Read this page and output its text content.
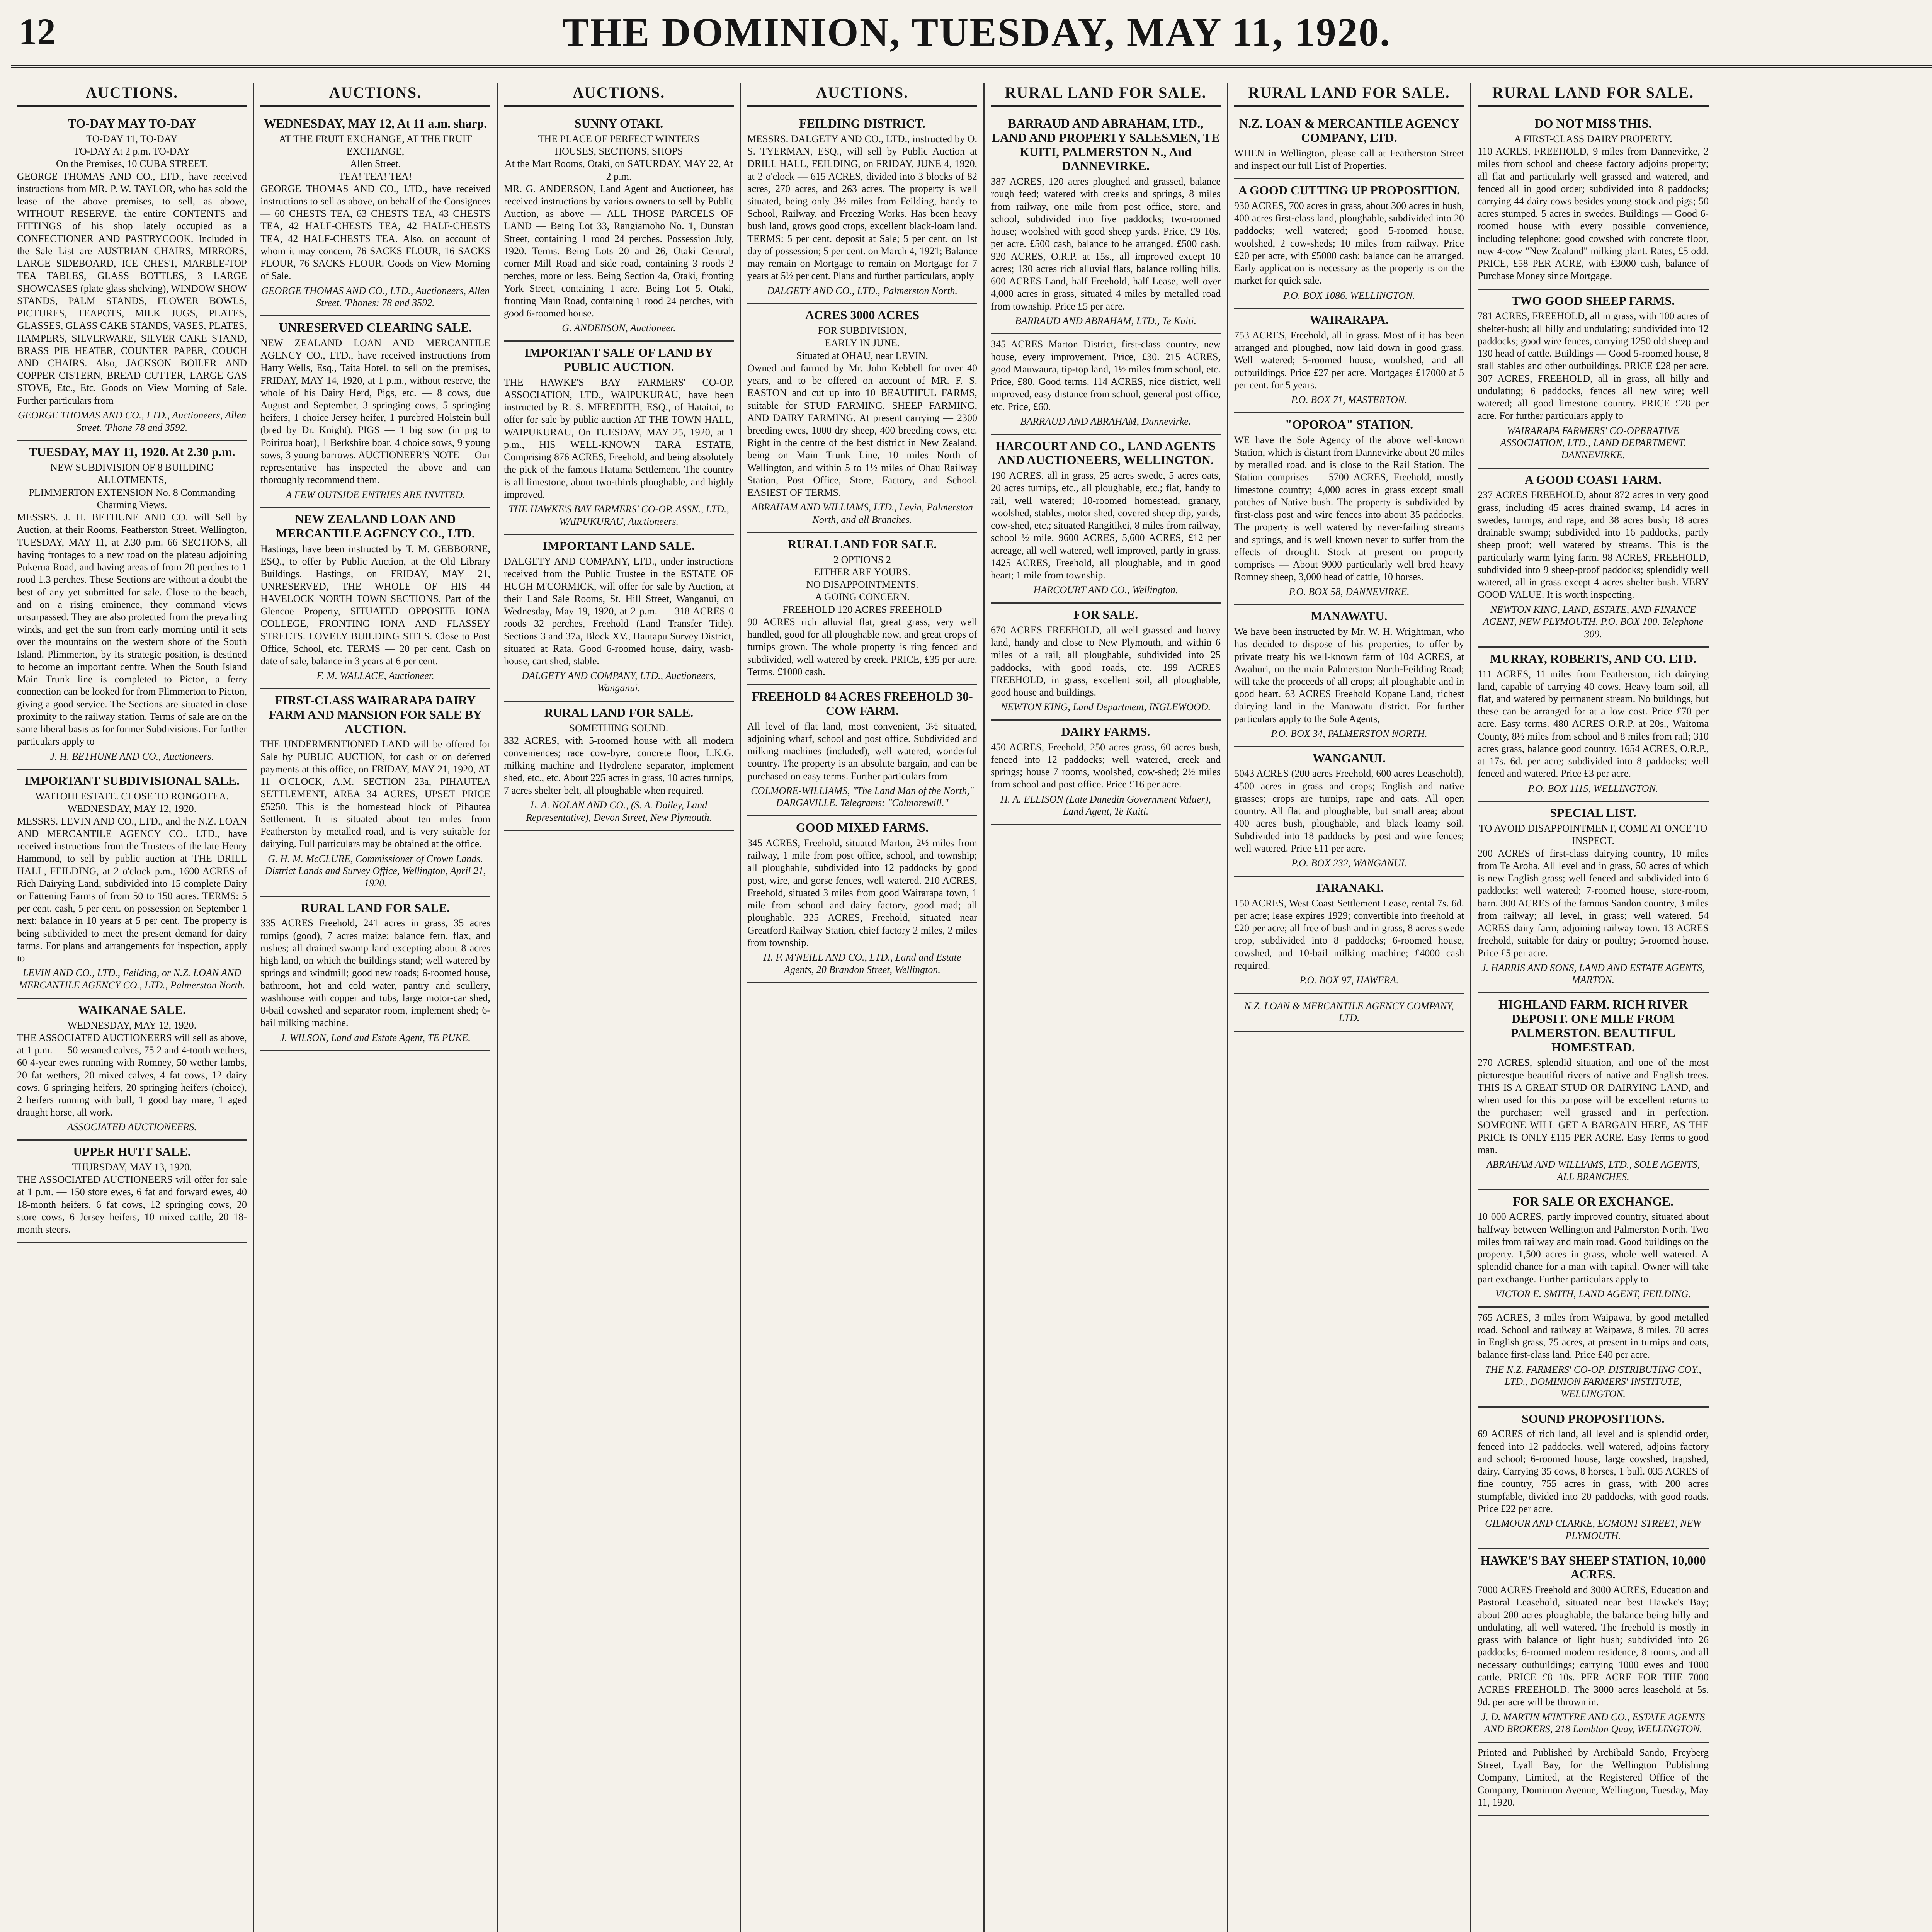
12	THE DOMINION, TUESDAY, MAY 11, 1920.
AUCTIONS.
TO-DAY MAY TO-DAY
TO-DAY 11, TO-DAY
TO-DAY At 2 p.m. TO-DAY
On the Premises, 10 CUBA STREET.
GEORGE THOMAS AND CO., LTD., have received instructions from MR. P. W. TAYLOR, who has sold the lease of the above premises, to sell, as above, WITHOUT RESERVE, the entire CONTENTS and FITTINGS of his shop lately occupied as a CONFECTIONER AND PASTRYCOOK. Included in the Sale List are AUSTRIAN CHAIRS, MIRRORS, LARGE SIDEBOARD, ICE CHEST, MARBLE-TOP TEA TABLES, GLASS BOTTLES, 3 LARGE SHOWCASES (plate glass shelving), WINDOW SHOW STANDS, PALM STANDS, FLOWER BOWLS, PICTURES, TEAPOTS, MILK JUGS, PLATES, GLASSES, GLASS CAKE STANDS, VASES, PLATES, HAMPERS, SILVERWARE, SILVER CAKE STAND, BRASS PIE HEATER, COUNTER PAPER, COUCH AND CHAIRS. Also, JACKSON BOILER AND COPPER CISTERN, BREAD CUTTER, LARGE GAS STOVE, Etc., Etc. Goods on View Morning of Sale. Further particulars from
GEORGE THOMAS AND CO., LTD., Auctioneers, Allen Street. 'Phone 78 and 3592.
TUESDAY, MAY 11, 1920. At 2.30 p.m.
NEW SUBDIVISION OF 8 BUILDING ALLOTMENTS,
PLIMMERTON EXTENSION No. 8 Commanding Charming Views.
MESSRS. J. H. BETHUNE AND CO. will Sell by Auction, at their Rooms, Featherston Street, Wellington, TUESDAY, MAY 11, at 2.30 p.m. 66 SECTIONS, all having frontages to a new road on the plateau adjoining Pukerua Road, and having areas of from 20 perches to 1 rood 1.3 perches. These Sections are without a doubt the best of any yet submitted for sale. Close to the beach, and on a rising eminence, they command views unsurpassed. They are also protected from the prevailing winds, and get the sun from early morning until it sets over the mountains on the western shore of the South Island. Plimmerton, by its strategic position, is destined to become an important centre. When the South Island Main Trunk line is completed to Picton, a ferry connection can be looked for from Plimmerton to Picton, giving a good service. The Sections are situated in close proximity to the railway station. Terms of sale are on the same liberal basis as for former Subdivisions. For further particulars apply to
J. H. BETHUNE AND CO., Auctioneers.
IMPORTANT SUBDIVISIONAL SALE.
WAITOHI ESTATE. CLOSE TO RONGOTEA.
WEDNESDAY, MAY 12, 1920.
MESSRS. LEVIN AND CO., LTD., and the N.Z. LOAN AND MERCANTILE AGENCY CO., LTD., have received instructions from the Trustees of the late Henry Hammond, to sell by public auction at THE DRILL HALL, FEILDING, at 2 o'clock p.m., 1600 ACRES of Rich Dairying Land, subdivided into 15 complete Dairy or Fattening Farms of from 50 to 150 acres. TERMS: 5 per cent. cash, 5 per cent. on possession on September 1 next; balance in 10 years at 5 per cent. The property is being subdivided to meet the present demand for dairy farms. For plans and arrangements for inspection, apply to
LEVIN AND CO., LTD., Feilding, or N.Z. LOAN AND MERCANTILE AGENCY CO., LTD., Palmerston North.
WAIKANAE SALE.
WEDNESDAY, MAY 12, 1920.
THE ASSOCIATED AUCTIONEERS will sell as above, at 1 p.m. — 50 weaned calves, 75 2 and 4-tooth wethers, 60 4-year ewes running with Romney, 50 wether lambs, 20 fat wethers, 20 mixed calves, 4 fat cows, 12 dairy cows, 6 springing heifers, 20 springing heifers (choice), 2 heifers running with bull, 1 good bay mare, 1 aged draught horse, all work.
ASSOCIATED AUCTIONEERS.
UPPER HUTT SALE.
THURSDAY, MAY 13, 1920.
THE ASSOCIATED AUCTIONEERS will offer for sale at 1 p.m. — 150 store ewes, 6 fat and forward ewes, 40 18-month heifers, 6 fat cows, 12 springing cows, 20 store cows, 6 Jersey heifers, 10 mixed cattle, 20 18-month steers.
AUCTIONS.
WEDNESDAY, MAY 12, At 11 a.m. sharp.
AT THE FRUIT EXCHANGE, AT THE FRUIT EXCHANGE,
Allen Street.
TEA! TEA! TEA!
GEORGE THOMAS AND CO., LTD., have received instructions to sell as above, on behalf of the Consignees — 60 CHESTS TEA, 63 CHESTS TEA, 43 CHESTS TEA, 42 HALF-CHESTS TEA, 42 HALF-CHESTS TEA, 42 HALF-CHESTS TEA. Also, on account of whom it may concern, 76 SACKS FLOUR, 16 SACKS FLOUR, 76 SACKS FLOUR. Goods on View Morning of Sale.
GEORGE THOMAS AND CO., LTD., Auctioneers, Allen Street. 'Phones: 78 and 3592.
UNRESERVED CLEARING SALE.
NEW ZEALAND LOAN AND MERCANTILE AGENCY CO., LTD., have received instructions from Harry Wells, Esq., Taita Hotel, to sell on the premises, FRIDAY, MAY 14, 1920, at 1 p.m., without reserve, the whole of his Dairy Herd, Pigs, etc. — 8 cows, due August and September, 3 springing cows, 5 springing heifers, 1 choice Jersey heifer, 1 purebred Holstein bull (bred by Dr. Knight). PIGS — 1 big sow (in pig to Poirirua boar), 1 Berkshire boar, 4 choice sows, 9 young sows, 3 young barrows. AUCTIONEER'S NOTE — Our representative has inspected the above and can thoroughly recommend them.
A FEW OUTSIDE ENTRIES ARE INVITED.
NEW ZEALAND LOAN AND MERCANTILE AGENCY CO., LTD.
Hastings, have been instructed by T. M. GEBBORNE, ESQ., to offer by Public Auction, at the Old Library Buildings, Hastings, on FRIDAY, MAY 21, UNRESERVED, THE WHOLE OF HIS 44 HAVELOCK NORTH TOWN SECTIONS. Part of the Glencoe Property, SITUATED OPPOSITE IONA COLLEGE, FRONTING IONA AND FLASSEY STREETS. LOVELY BUILDING SITES. Close to Post Office, School, etc. TERMS — 20 per cent. Cash on date of sale, balance in 3 years at 6 per cent.
F. M. WALLACE, Auctioneer.
FIRST-CLASS WAIRARAPA DAIRY FARM AND MANSION FOR SALE BY AUCTION.
THE UNDERMENTIONED LAND will be offered for Sale by PUBLIC AUCTION, for cash or on deferred payments at this office, on FRIDAY, MAY 21, 1920, AT 11 O'CLOCK, A.M. SECTION 23a, PIHAUTEA SETTLEMENT, AREA 34 ACRES, UPSET PRICE £5250. This is the homestead block of Pihautea Settlement. It is situated about ten miles from Featherston by metalled road, and is very suitable for dairying. Full particulars may be obtained at the office.
G. H. M. McCLURE, Commissioner of Crown Lands. District Lands and Survey Office, Wellington, April 21, 1920.
RURAL LAND FOR SALE.
335 ACRES Freehold, 241 acres in grass, 35 acres turnips (good), 7 acres maize; balance fern, flax, and rushes; all drained swamp land excepting about 8 acres high land, on which the buildings stand; well watered by springs and windmill; good new roads; 6-roomed house, bathroom, hot and cold water, pantry and scullery, washhouse with copper and tubs, large motor-car shed, 8-bail cowshed and separator room, implement shed; 6-bail milking machine.
J. WILSON, Land and Estate Agent, TE PUKE.
AUCTIONS.
SUNNY OTAKI.
THE PLACE OF PERFECT WINTERS
HOUSES, SECTIONS, SHOPS
At the Mart Rooms, Otaki, on SATURDAY, MAY 22, At 2 p.m.
MR. G. ANDERSON, Land Agent and Auctioneer, has received instructions by various owners to sell by Public Auction, as above — ALL THOSE PARCELS OF LAND — Being Lot 33, Rangiamoho No. 1, Dunstan Street, containing 1 rood 24 perches. Possession July, 1920. Terms. Being Lots 20 and 26, Otaki Central, corner Mill Road and side road, containing 3 roods 2 perches, more or less. Being Section 4a, Otaki, fronting York Street, containing 1 acre. Being Lot 5, Otaki, fronting Main Road, containing 1 rood 24 perches, with good 6-roomed house.
G. ANDERSON, Auctioneer.
IMPORTANT SALE OF LAND BY PUBLIC AUCTION.
THE HAWKE'S BAY FARMERS' CO-OP. ASSOCIATION, LTD., WAIPUKURAU, have been instructed by R. S. MEREDITH, ESQ., of Hataitai, to offer for sale by public auction AT THE TOWN HALL, WAIPUKURAU, On TUESDAY, MAY 25, 1920, at 1 p.m., HIS WELL-KNOWN TARA ESTATE, Comprising 876 ACRES, Freehold, and being absolutely the pick of the famous Hatuma Settlement. The country is all limestone, about two-thirds ploughable, and highly improved.
THE HAWKE'S BAY FARMERS' CO-OP. ASSN., LTD., WAIPUKURAU, Auctioneers.
IMPORTANT LAND SALE.
DALGETY AND COMPANY, LTD., under instructions received from the Public Trustee in the ESTATE OF HUGH M'CORMICK, will offer for sale by Auction, at their Land Sale Rooms, St. Hill Street, Wanganui, on Wednesday, May 19, 1920, at 2 p.m. — 318 ACRES 0 roods 32 perches, Freehold (Land Transfer Title). Sections 3 and 37a, Block XV., Hautapu Survey District, situated at Rata. Good 6-roomed house, dairy, wash-house, cart shed, stable.
DALGETY AND COMPANY, LTD., Auctioneers, Wanganui.
RURAL LAND FOR SALE.
SOMETHING SOUND.
332 ACRES, with 5-roomed house with all modern conveniences; race cow-byre, concrete floor, L.K.G. milking machine and Hydrolene separator, implement shed, etc., etc. About 225 acres in grass, 10 acres turnips, 7 acres shelter belt, all ploughable when required.
L. A. NOLAN AND CO., (S. A. Dailey, Land Representative), Devon Street, New Plymouth.
AUCTIONS.
FEILDING DISTRICT.
MESSRS. DALGETY AND CO., LTD., instructed by O. S. TYERMAN, ESQ., will sell by Public Auction at DRILL HALL, FEILDING, on FRIDAY, JUNE 4, 1920, at 2 o'clock — 615 ACRES, divided into 3 blocks of 82 acres, 270 acres, and 263 acres. The property is well situated, being only 3½ miles from Feilding, handy to School, Railway, and Freezing Works. Has been heavy bush land, grows good crops, excellent black-loam land. TERMS: 5 per cent. deposit at Sale; 5 per cent. on 1st day of possession; 5 per cent. on March 4, 1921; Balance may remain on Mortgage to remain on Mortgage for 7 years at 5½ per cent. Plans and further particulars, apply
DALGETY AND CO., LTD., Palmerston North.
ACRES 3000 ACRES
FOR SUBDIVISION,
EARLY IN JUNE.
Situated at OHAU, near LEVIN.
Owned and farmed by Mr. John Kebbell for over 40 years, and to be offered on account of MR. F. S. EASTON and cut up into 10 BEAUTIFUL FARMS, suitable for STUD FARMING, SHEEP FARMING, AND DAIRY FARMING. At present carrying — 2300 breeding ewes, 1000 dry sheep, 400 breeding cows, etc. Right in the centre of the best district in New Zealand, being on Main Trunk Line, 10 miles North of Wellington, and within 5 to 1½ miles of Ohau Railway Station, Post Office, Store, Factory, and School. EASIEST OF TERMS.
ABRAHAM AND WILLIAMS, LTD., Levin, Palmerston North, and all Branches.
RURAL LAND FOR SALE.
2 OPTIONS 2
EITHER ARE YOURS.
NO DISAPPOINTMENTS.
A GOING CONCERN.
FREEHOLD 120 ACRES FREEHOLD
90 ACRES rich alluvial flat, great grass, very well handled, good for all ploughable now, and great crops of turnips grown. The whole property is ring fenced and subdivided, well watered by creek. PRICE, £35 per acre. Terms. £1000 cash.
FREEHOLD 84 ACRES FREEHOLD 30-COW FARM.
All level of flat land, most convenient, 3½ situated, adjoining wharf, school and post office. Subdivided and milking machines (included), well watered, wonderful country. The property is an absolute bargain, and can be purchased on easy terms. Further particulars from
COLMORE-WILLIAMS, "The Land Man of the North," DARGAVILLE. Telegrams: "Colmorewill."
GOOD MIXED FARMS.
345 ACRES, Freehold, situated Marton, 2½ miles from railway, 1 mile from post office, school, and township; all ploughable, subdivided into 12 paddocks by good post, wire, and gorse fences, well watered. 210 ACRES, Freehold, situated 3 miles from good Wairarapa town, 1 mile from school and dairy factory, good road; all ploughable. 325 ACRES, Freehold, situated near Greatford Railway Station, chief factory 2 miles, 2 miles from township.
H. F. M'NEILL AND CO., LTD., Land and Estate Agents, 20 Brandon Street, Wellington.
RURAL LAND FOR SALE.
BARRAUD AND ABRAHAM, LTD., LAND AND PROPERTY SALESMEN, TE KUITI, PALMERSTON N., And DANNEVIRKE.
387 ACRES, 120 acres ploughed and grassed, balance rough feed; watered with creeks and springs, 8 miles from railway, one mile from post office, store, and school, subdivided into five paddocks; two-roomed house; woolshed with good sheep yards. Price, £9 10s. per acre. £500 cash, balance to be arranged. £500 cash. 920 ACRES, O.R.P. at 15s., all improved except 10 acres; 130 acres rich alluvial flats, balance rolling hills. 600 ACRES Land, half Freehold, half Lease, well over 4,000 acres in grass, situated 4 miles by metalled road from township. Price £5 per acre.
BARRAUD AND ABRAHAM, LTD., Te Kuiti.
345 ACRES Marton District, first-class country, new house, every improvement. Price, £30. 215 ACRES, good Mauwaura, tip-top land, 1½ miles from school, etc. Price, £80. Good terms. 114 ACRES, nice district, well improved, easy distance from school, general post office, etc. Price, £60.
BARRAUD AND ABRAHAM, Dannevirke.
HARCOURT AND CO., LAND AGENTS AND AUCTIONEERS, WELLINGTON.
190 ACRES, all in grass, 25 acres swede, 5 acres oats, 20 acres turnips, etc., all ploughable, etc.; flat, handy to rail, well watered; 10-roomed homestead, granary, woolshed, stables, motor shed, covered sheep dip, yards, cow-shed, etc.; situated Rangitikei, 8 miles from railway, school ½ mile. 9600 ACRES, 5,600 ACRES, £12 per acreage, all well watered, well improved, partly in grass. 1425 ACRES, Freehold, all ploughable, and in good heart; 1 mile from township.
HARCOURT AND CO., Wellington.
FOR SALE.
670 ACRES FREEHOLD, all well grassed and heavy land, handy and close to New Plymouth, and within 6 miles of a rail, all ploughable, subdivided into 25 paddocks, with good roads, etc. 199 ACRES FREEHOLD, in grass, excellent soil, all ploughable, good house and buildings.
NEWTON KING, Land Department, INGLEWOOD.
DAIRY FARMS.
450 ACRES, Freehold, 250 acres grass, 60 acres bush, fenced into 12 paddocks; well watered, creek and springs; house 7 rooms, woolshed, cow-shed; 2½ miles from school and post office. Price £16 per acre.
H. A. ELLISON (Late Dunedin Government Valuer), Land Agent, Te Kuiti.
RURAL LAND FOR SALE.
N.Z. LOAN & MERCANTILE AGENCY COMPANY, LTD.
WHEN in Wellington, please call at Featherston Street and inspect our full List of Properties.
A GOOD CUTTING UP PROPOSITION.
930 ACRES, 700 acres in grass, about 300 acres in bush, 400 acres first-class land, ploughable, subdivided into 20 paddocks; well watered; good 5-roomed house, woolshed, 2 cow-sheds; 10 miles from railway. Price £20 per acre, with £5000 cash; balance can be arranged. Early application is necessary as the property is on the market for quick sale.
P.O. BOX 1086. WELLINGTON.
WAIRARAPA.
753 ACRES, Freehold, all in grass. Most of it has been arranged and ploughed, now laid down in good grass. Well watered; 5-roomed house, woolshed, and all outbuildings. Price £27 per acre. Mortgages £17000 at 5 per cent. for 5 years.
P.O. BOX 71, MASTERTON.
"OPOROA" STATION.
WE have the Sole Agency of the above well-known Station, which is distant from Dannevirke about 20 miles by metalled road, and is close to the Rail Station. The Station comprises — 5700 ACRES, Freehold, mostly limestone country; 4,000 acres in grass except small patches of Native bush. The property is subdivided by first-class post and wire fences into about 35 paddocks. The property is well watered by never-failing streams and springs, and is well known never to suffer from the effects of drought. Stock at present on property comprises — About 9000 particularly well bred heavy Romney sheep, 3,000 head of cattle, 10 horses.
P.O. BOX 58, DANNEVIRKE.
MANAWATU.
We have been instructed by Mr. W. H. Wrightman, who has decided to dispose of his properties, to offer by private treaty his well-known farm of 104 ACRES, at Awahuri, on the main Palmerston North-Feilding Road; will take the proceeds of all crops; all ploughable and in good heart. 63 ACRES Freehold Kopane Land, richest dairying land in the Manawatu district. For further particulars apply to the Sole Agents,
P.O. BOX 34, PALMERSTON NORTH.
WANGANUI.
5043 ACRES (200 acres Freehold, 600 acres Leasehold), 4500 acres in grass and crops; English and native grasses; crops are turnips, rape and oats. All open country. All flat and ploughable, but small area; about 400 acres bush, ploughable, and black loamy soil. Subdivided into 18 paddocks by post and wire fences; well watered. Price £11 per acre.
P.O. BOX 232, WANGANUI.
TARANAKI.
150 ACRES, West Coast Settlement Lease, rental 7s. 6d. per acre; lease expires 1929; convertible into freehold at £20 per acre; all free of bush and in grass, 8 acres swede crop, subdivided into 8 paddocks; 6-roomed house, cowshed, and 10-bail milking machine; £4000 cash required.
P.O. BOX 97, HAWERA.
N.Z. LOAN & MERCANTILE AGENCY COMPANY, LTD.
RURAL LAND FOR SALE.
DO NOT MISS THIS.
A FIRST-CLASS DAIRY PROPERTY.
110 ACRES, FREEHOLD, 9 miles from Dannevirke, 2 miles from school and cheese factory adjoins property; all flat and particularly well grassed and watered, and fenced all in good order; subdivided into 8 paddocks; carrying 44 dairy cows besides young stock and pigs; 50 acres stumped, 5 acres in swedes. Buildings — Good 6-roomed house with every possible convenience, including telephone; good cowshed with concrete floor, new 4-cow "New Zealand" milking plant. Rates, £5 odd. PRICE, £58 PER ACRE, with £3000 cash, balance of Purchase Money since Mortgage.
TWO GOOD SHEEP FARMS.
781 ACRES, FREEHOLD, all in grass, with 100 acres of shelter-bush; all hilly and undulating; subdivided into 12 paddocks; good wire fences, carrying 1250 old sheep and 130 head of cattle. Buildings — Good 5-roomed house, 8 stall stables and other outbuildings. PRICE £28 per acre. 307 ACRES, FREEHOLD, all in grass, all hilly and undulating; 6 paddocks, fences all new wire; well watered; all good limestone country. PRICE £28 per acre. For further particulars apply to
WAIRARAPA FARMERS' CO-OPERATIVE ASSOCIATION, LTD., LAND DEPARTMENT, DANNEVIRKE.
A GOOD COAST FARM.
237 ACRES FREEHOLD, about 872 acres in very good grass, including 45 acres drained swamp, 14 acres in swedes, turnips, and rape, and 38 acres bush; 18 acres drainable swamp; subdivided into 16 paddocks, partly sheep proof; well watered by streams. This is the particularly warm lying farm. 98 ACRES, FREEHOLD, subdivided into 9 sheep-proof paddocks; splendidly well watered, all in grass except 4 acres shelter bush. VERY GOOD VALUE. It is worth inspecting.
NEWTON KING, LAND, ESTATE, AND FINANCE AGENT, NEW PLYMOUTH. P.O. BOX 100. Telephone 309.
MURRAY, ROBERTS, AND CO. LTD.
111 ACRES, 11 miles from Featherston, rich dairying land, capable of carrying 40 cows. Heavy loam soil, all flat, and watered by permanent stream. No buildings, but these can be arranged for at a low cost. Price £70 per acre. Easy terms. 480 ACRES O.R.P. at 20s., Waitoma County, 8½ miles from school and 8 miles from rail; 310 acres grass, balance good country. 1654 ACRES, O.R.P., at 17s. 6d. per acre; subdivided into 8 paddocks; well fenced and watered. Price £3 per acre.
P.O. BOX 1115, WELLINGTON.
SPECIAL LIST.
TO AVOID DISAPPOINTMENT, COME AT ONCE TO INSPECT.
200 ACRES of first-class dairying country, 10 miles from Te Aroha. All level and in grass, 50 acres of which is new English grass; well fenced and subdivided into 6 paddocks; well watered; 7-roomed house, store-room, barn. 300 ACRES of the famous Sandon country, 3 miles from railway; all level, in grass; well watered. 54 ACRES dairy farm, adjoining railway town. 13 ACRES freehold, suitable for dairy or poultry; 5-roomed house. Price £5 per acre.
J. HARRIS AND SONS, LAND AND ESTATE AGENTS, MARTON.
HIGHLAND FARM. RICH RIVER DEPOSIT. ONE MILE FROM PALMERSTON. BEAUTIFUL HOMESTEAD.
270 ACRES, splendid situation, and one of the most picturesque beautiful rivers of native and English trees. THIS IS A GREAT STUD OR DAIRYING LAND, and when used for this purpose will be excellent returns to the purchaser; well grassed and in perfection. SOMEONE WILL GET A BARGAIN HERE, AS THE PRICE IS ONLY £115 PER ACRE. Easy Terms to good man.
ABRAHAM AND WILLIAMS, LTD., SOLE AGENTS, ALL BRANCHES.
FOR SALE OR EXCHANGE.
10 000 ACRES, partly improved country, situated about halfway between Wellington and Palmerston North. Two miles from railway and main road. Good buildings on the property. 1,500 acres in grass, whole well watered. A splendid chance for a man with capital. Owner will take part exchange. Further particulars apply to
VICTOR E. SMITH, LAND AGENT, FEILDING.
765 ACRES, 3 miles from Waipawa, by good metalled road. School and railway at Waipawa, 8 miles. 70 acres in English grass, 75 acres, at present in turnips and oats, balance first-class land. Price £40 per acre.
THE N.Z. FARMERS' CO-OP. DISTRIBUTING COY., LTD., DOMINION FARMERS' INSTITUTE, WELLINGTON.
SOUND PROPOSITIONS.
69 ACRES of rich land, all level and is splendid order, fenced into 12 paddocks, well watered, adjoins factory and school; 6-roomed house, large cowshed, trapshed, dairy. Carrying 35 cows, 8 horses, 1 bull. 035 ACRES of fine country, 755 acres in grass, with 200 acres stumpfable, divided into 20 paddocks, with good roads. Price £22 per acre.
GILMOUR AND CLARKE, EGMONT STREET, NEW PLYMOUTH.
HAWKE'S BAY SHEEP STATION, 10,000 ACRES.
7000 ACRES Freehold and 3000 ACRES, Education and Pastoral Leasehold, situated near best Hawke's Bay; about 200 acres ploughable, the balance being hilly and undulating, all well watered. The freehold is mostly in grass with balance of light bush; subdivided into 26 paddocks; 6-roomed modern residence, 8 rooms, and all necessary outbuildings; carrying 1000 ewes and 1000 cattle. PRICE £8 10s. PER ACRE FOR THE 7000 ACRES FREEHOLD. The 3000 acres leasehold at 5s. 9d. per acre will be thrown in.
J. D. MARTIN M'INTYRE AND CO., ESTATE AGENTS AND BROKERS, 218 Lambton Quay, WELLINGTON.
Printed and Published by Archibald Sando, Freyberg Street, Lyall Bay, for the Wellington Publishing Company, Limited, at the Registered Office of the Company, Dominion Avenue, Wellington, Tuesday, May 11, 1920.
